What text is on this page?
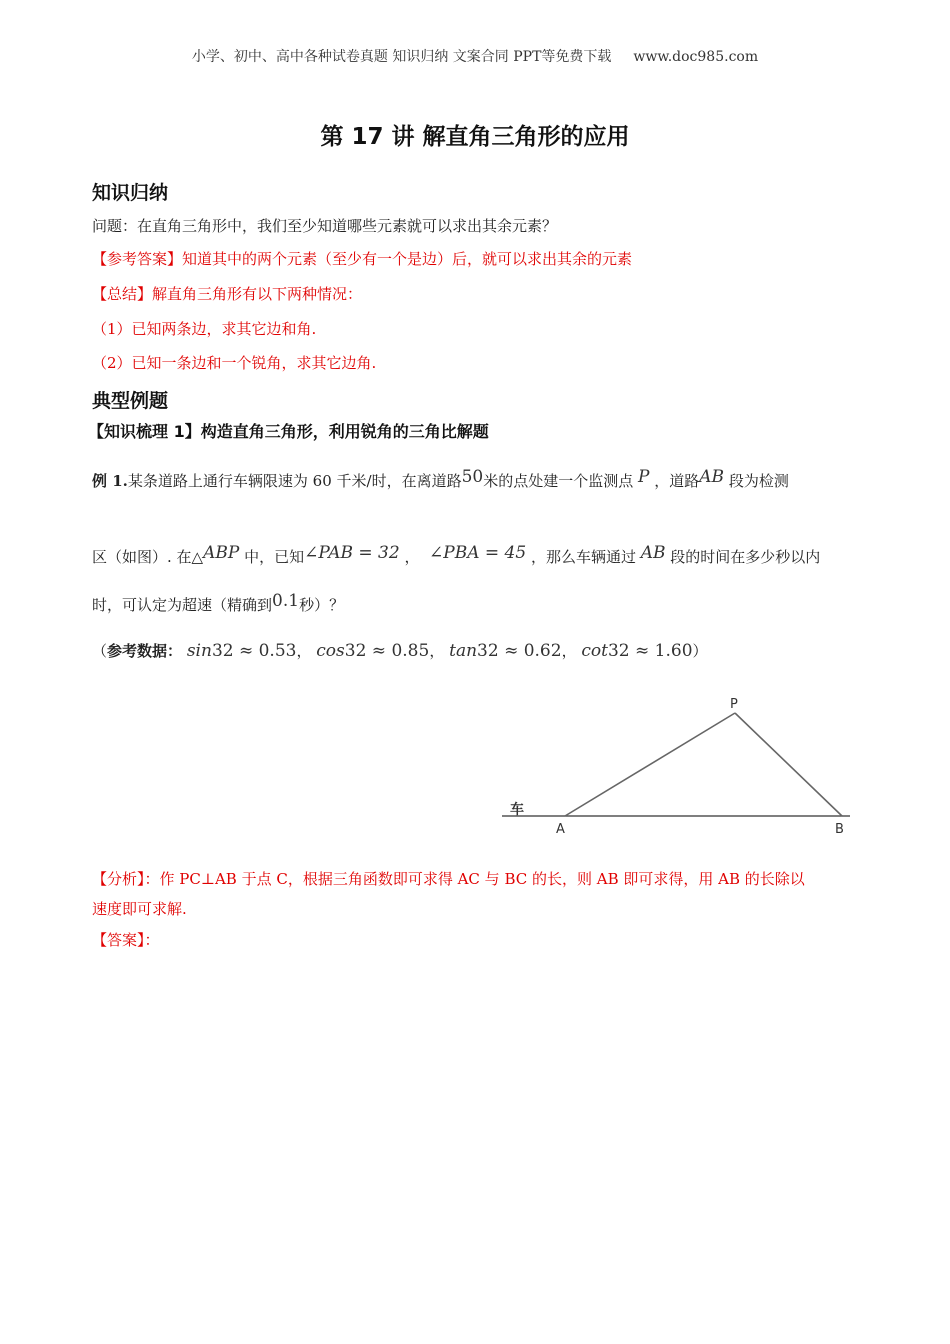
小学、初中、高中各种试卷真题 知识归纳 文案合同 PPT等免费下载 www.doc985.com
第 17 讲 解直角三角形的应用
知识归纳
问题：在直角三角形中，我们至少知道哪些元素就可以求出其余元素？
【参考答案】知道其中的两个元素（至少有一个是边）后，就可以求出其余的元素
【总结】解直角三角形有以下两种情况：
（1）已知两条边，求其它边和角.
（2）已知一条边和一个锐角，求其它边角.
典型例题
【知识梳理 1】构造直角三角形，利用锐角的三角比解题
例 1.某条道路上通行车辆限速为 60 千米/时，在离道路50米的点处建一个监测点 P ，道路AB 段为检测
区（如图）. 在△ABP 中，已知∠PAB = 32 ， ∠PBA = 45 ，那么车辆通过 AB 段的时间在多少秒以内
时，可认定为超速（精确到0.1秒）？
（参考数据： sin32 ≈ 0.53， cos32 ≈ 0.85， tan32 ≈ 0.62， cot32 ≈ 1.60）
车
A	B
P
【分析】：作 PC⊥AB 于点 C，根据三角函数即可求得 AC 与 BC 的长，则 AB 即可求得，用 AB 的长除以
速度即可求解.
【答案】：
